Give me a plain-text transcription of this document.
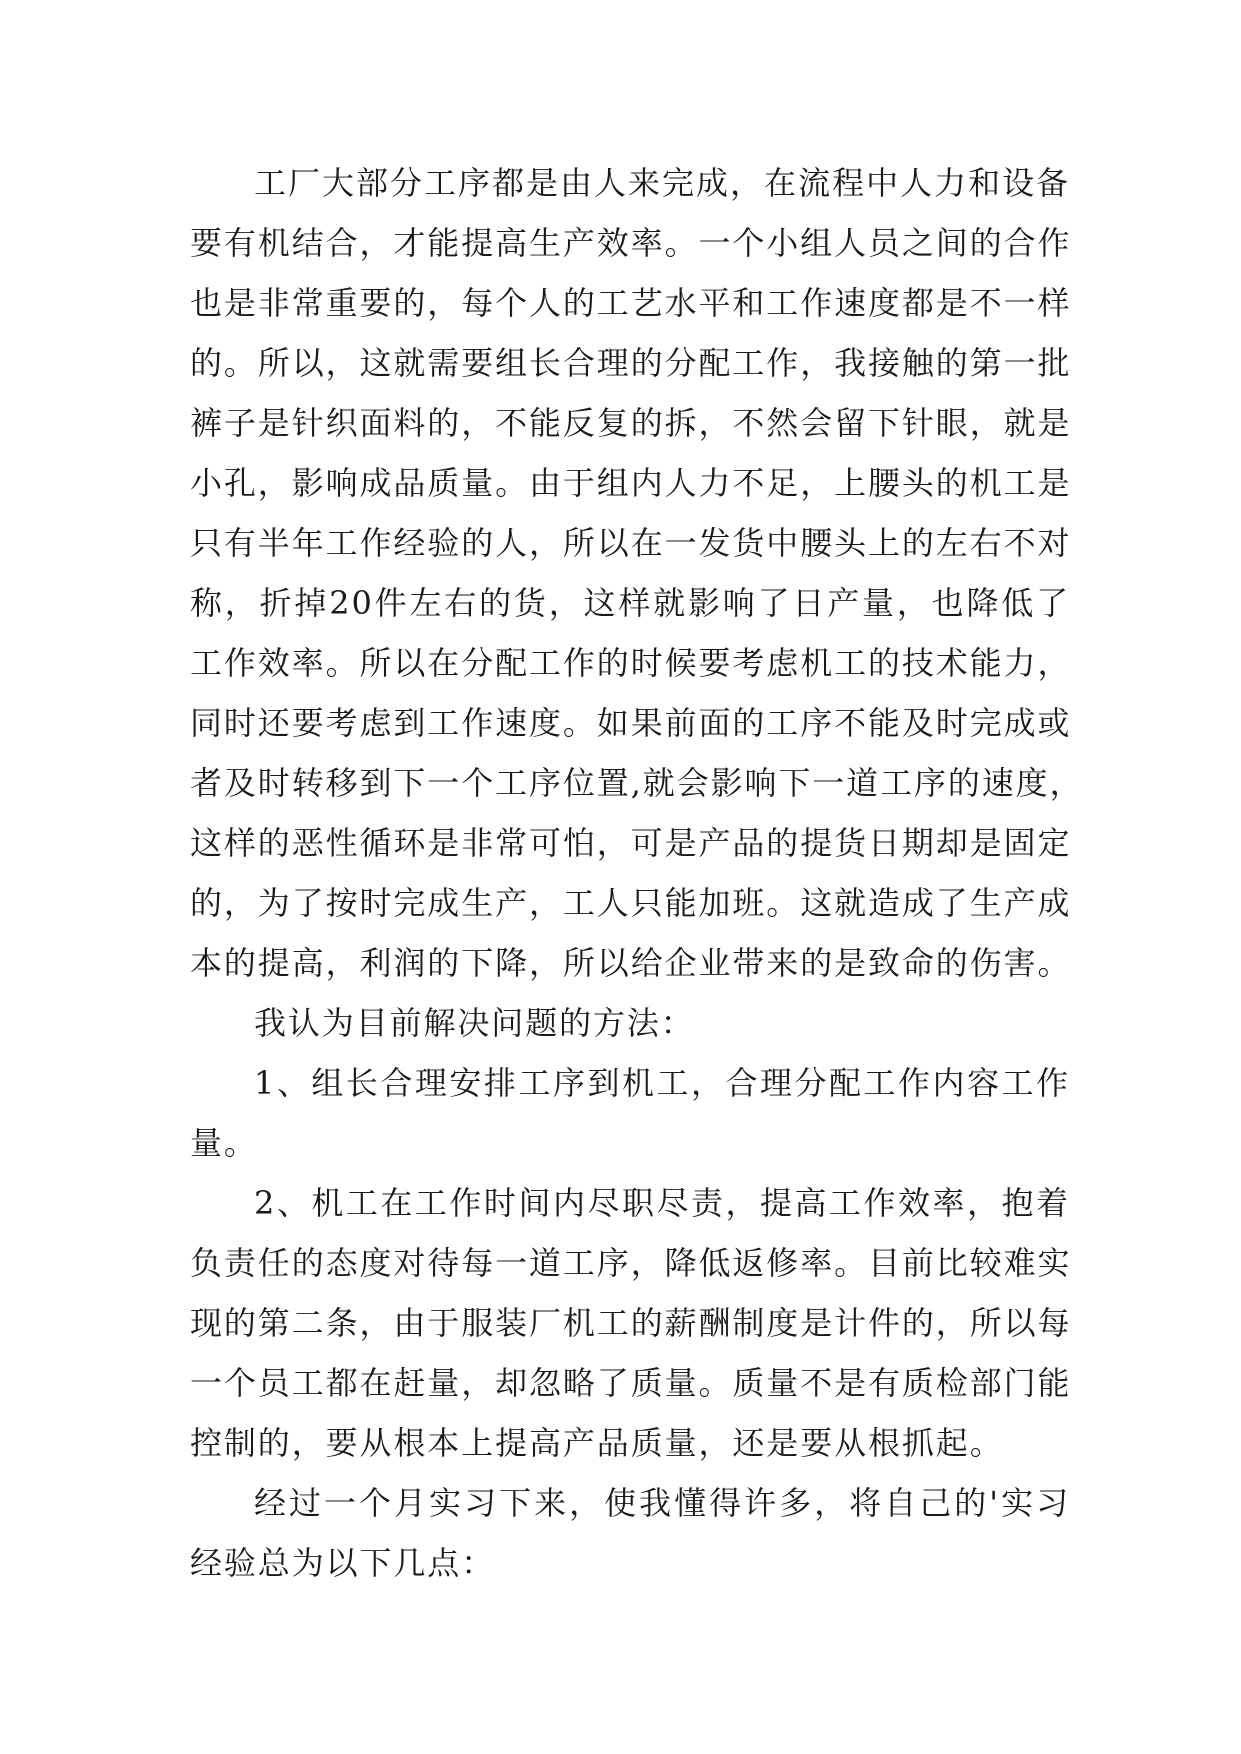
工厂大部分工序都是由人来完成，在流程中人力和设备
要有机结合，才能提高生产效率。一个小组人员之间的合作
也是非常重要的，每个人的工艺水平和工作速度都是不一样
的。所以，这就需要组长合理的分配工作，我接触的第一批
裤子是针织面料的，不能反复的拆，不然会留下针眼，就是
小孔，影响成品质量。由于组内人力不足，上腰头的机工是
只有半年工作经验的人，所以在一发货中腰头上的左右不对
称，折掉20件左右的货，这样就影响了日产量，也降低了
工作效率。所以在分配工作的时候要考虑机工的技术能力，
同时还要考虑到工作速度。如果前面的工序不能及时完成或
者及时转移到下一个工序位置,就会影响下一道工序的速度，
这样的恶性循环是非常可怕，可是产品的提货日期却是固定
的，为了按时完成生产，工人只能加班。这就造成了生产成
本的提高，利润的下降，所以给企业带来的是致命的伤害。
我认为目前解决问题的方法：
1、组长合理安排工序到机工，合理分配工作内容工作
量。
2、机工在工作时间内尽职尽责，提高工作效率，抱着
负责任的态度对待每一道工序，降低返修率。目前比较难实
现的第二条，由于服装厂机工的薪酬制度是计件的，所以每
一个员工都在赶量，却忽略了质量。质量不是有质检部门能
控制的，要从根本上提高产品质量，还是要从根抓起。
经过一个月实习下来，使我懂得许多，将自己的'实习
经验总为以下几点：
